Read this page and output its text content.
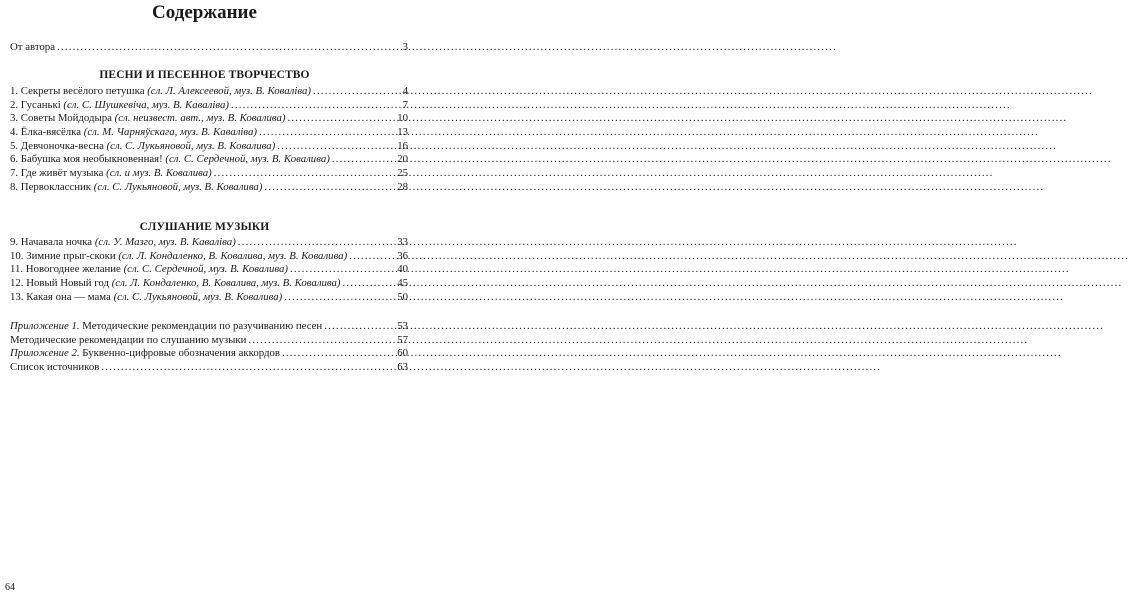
Содержание
От автора .....	3
ПЕСНИ И ПЕСЕННОЕ ТВОРЧЕСТВО
1. Секреты весёлого петушка (сл. Л. Алексеевой, муз. В. Коваліва) .....	4
2. Гусанькі (сл. С. Шушкевіча, муз. В. Каваліва) .....	7
3. Советы Мойдодыра (сл. неизвест. авт., муз. В. Ковалива) .....	10
4. Ёлка-вясёлка (сл. М. Чарняўскага, муз. В. Каваліва) .....	13
5. Девчоночка-весна (сл. С. Лукьяновой, муз. В. Ковалива) .....	16
6. Бабушка моя необыкновенная! (сл. С. Сердечной, муз. В. Ковалива) .....	20
7. Где живёт музыка (сл. и муз. В. Ковалива) .....	25
8. Первоклассник (сл. С. Лукьяновой, муз. В. Ковалива) .....	28
СЛУШАНИЕ МУЗЫКИ
9. Начавала ночка (сл. У. Мазго, муз. В. Каваліва) .....	33
10. Зимние прыг-скоки (сл. Л. Кондаленко, В. Ковалива, муз. В. Ковалива) .....	36
11. Новогоднее желание (сл. С. Сердечной, муз. В. Ковалива) .....	40
12. Новый Новый год (сл. Л. Кондаленко, В. Ковалива, муз. В. Ковалива) .....	45
13. Какая она — мама (сл. С. Лукьяновой, муз. В. Ковалива) .....	50
Приложение 1. Методические рекомендации по разучиванию песен .....	53
Методические рекомендации по слушанию музыки .....	57
Приложение 2. Буквенно-цифровые обозначения аккордов .....	60
Список источников .....	63
64
